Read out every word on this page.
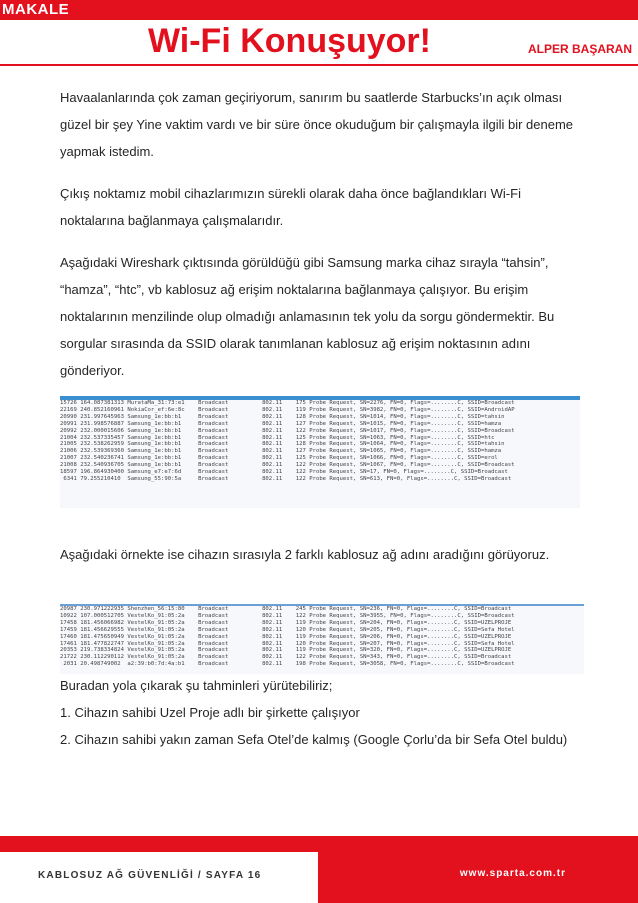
MAKALE
Wi-Fi Konuşuyor!	ALPER BAŞARAN

Havaalanlarında çok zaman geçiriyorum, sanırım bu saatlerde Starbucks’ın açık olması güzel bir şey Yine vaktim vardı ve bir süre önce okuduğum bir çalışmayla ilgili bir deneme yapmak istedim.

Çıkış noktamız mobil cihazlarımızın sürekli olarak daha önce bağlandıkları Wi-Fi noktalarına bağlanmaya çalışmalarıdır.

Aşağıdaki Wireshark çıktısında görüldüğü gibi Samsung marka cihaz sırayla “tahsin”, “hamza”, “htc”, vb kablosuz ağ erişim noktalarına bağlanmaya çalışıyor. Bu erişim noktalarının menzilinde olup olmadığı anlamasının tek yolu da sorgu göndermektir. Bu sorgular sırasında da SSID olarak tanımlanan kablosuz ağ erişim noktasının adını gönderiyor.

15726 164.087381313 MurataMa_31:73:e1    Broadcast          802.11    175 Probe Request, SN=2276, FN=0, Flags=........C, SSID=Broadcast
22169 240.852160961 NokiaCor_ef:6e:8c    Broadcast          802.11    119 Probe Request, SN=3982, FN=0, Flags=........C, SSID=AndroidAP
20990 231.997645963 Samsung_1e:bb:b1     Broadcast          802.11    128 Probe Request, SN=1014, FN=0, Flags=........C, SSID=tahsin
20991 231.998576887 Samsung_1e:bb:b1     Broadcast          802.11    127 Probe Request, SN=1015, FN=0, Flags=........C, SSID=hamza
20992 232.000015606 Samsung_1e:bb:b1     Broadcast          802.11    122 Probe Request, SN=1017, FN=0, Flags=........C, SSID=Broadcast
21004 232.537335457 Samsung_1e:bb:b1     Broadcast          802.11    125 Probe Request, SN=1063, FN=0, Flags=........C, SSID=htc
21005 232.538262959 Samsung_1e:bb:b1     Broadcast          802.11    128 Probe Request, SN=1064, FN=0, Flags=........C, SSID=tahsin
21006 232.539369360 Samsung_1e:bb:b1     Broadcast          802.11    127 Probe Request, SN=1065, FN=0, Flags=........C, SSID=hamza
21007 232.540236741 Samsung_1e:bb:b1     Broadcast          802.11    125 Probe Request, SN=1066, FN=0, Flags=........C, SSID=erol
21008 232.540936705 Samsung_1e:bb:b1     Broadcast          802.11    122 Probe Request, SN=1067, FN=0, Flags=........C, SSID=Broadcast
18597 196.864930400 Samsung_e7:e7:6d     Broadcast          802.11    122 Probe Request, SN=17, FN=0, Flags=........C, SSID=Broadcast
6341 79.255210410  Samsung_55:90:5a     Broadcast          802.11    122 Probe Request, SN=613, FN=0, Flags=........C, SSID=Broadcast

Aşağıdaki örnekte ise cihazın sırasıyla 2 farklı kablosuz ağ adını aradığını görüyoruz.

20987 230.971222935 Shenzhen_56:15:80    Broadcast          802.11    245 Probe Request, SN=236, FN=0, Flags=........C, SSID=Broadcast
10922 107.000512705 VestelKo_91:05:2a    Broadcast          802.11    122 Probe Request, SN=3955, FN=0, Flags=........C, SSID=Broadcast
17458 181.456066982 VestelKo_91:05:2a    Broadcast          802.11    119 Probe Request, SN=204, FN=0, Flags=........C, SSID=UZELPROJE
17459 181.456629555 VestelKo_91:05:2a    Broadcast          802.11    120 Probe Request, SN=205, FN=0, Flags=........C, SSID=Sefa Hotel
17460 181.475650949 VestelKo_91:05:2a    Broadcast          802.11    119 Probe Request, SN=206, FN=0, Flags=........C, SSID=UZELPROJE
17461 181.477822747 VestelKo_91:05:2a    Broadcast          802.11    120 Probe Request, SN=207, FN=0, Flags=........C, SSID=Sefa Hotel
20353 219.738334824 VestelKo_91:05:2a    Broadcast          802.11    119 Probe Request, SN=320, FN=0, Flags=........C, SSID=UZELPROJE
21722 230.112290112 VestelKo_91:05:2a    Broadcast          802.11    122 Probe Request, SN=343, FN=0, Flags=........C, SSID=Broadcast
2031 20.498749002  a2:39:b0:7d:4a:b1    Broadcast          802.11    198 Probe Request, SN=3058, FN=0, Flags=........C, SSID=Broadcast
Buradan yola çıkarak şu tahminleri yürütebiliriz;
1. Cihazın sahibi Uzel Proje adlı bir şirkette çalışıyor
2. Cihazın sahibi yakın zaman Sefa Otel’de kalmış (Google Çorlu’da bir Sefa Otel buldu)
KABLOSUZ AĞ GÜVENLİĞİ / SAYFA 16	www.sparta.com.tr
